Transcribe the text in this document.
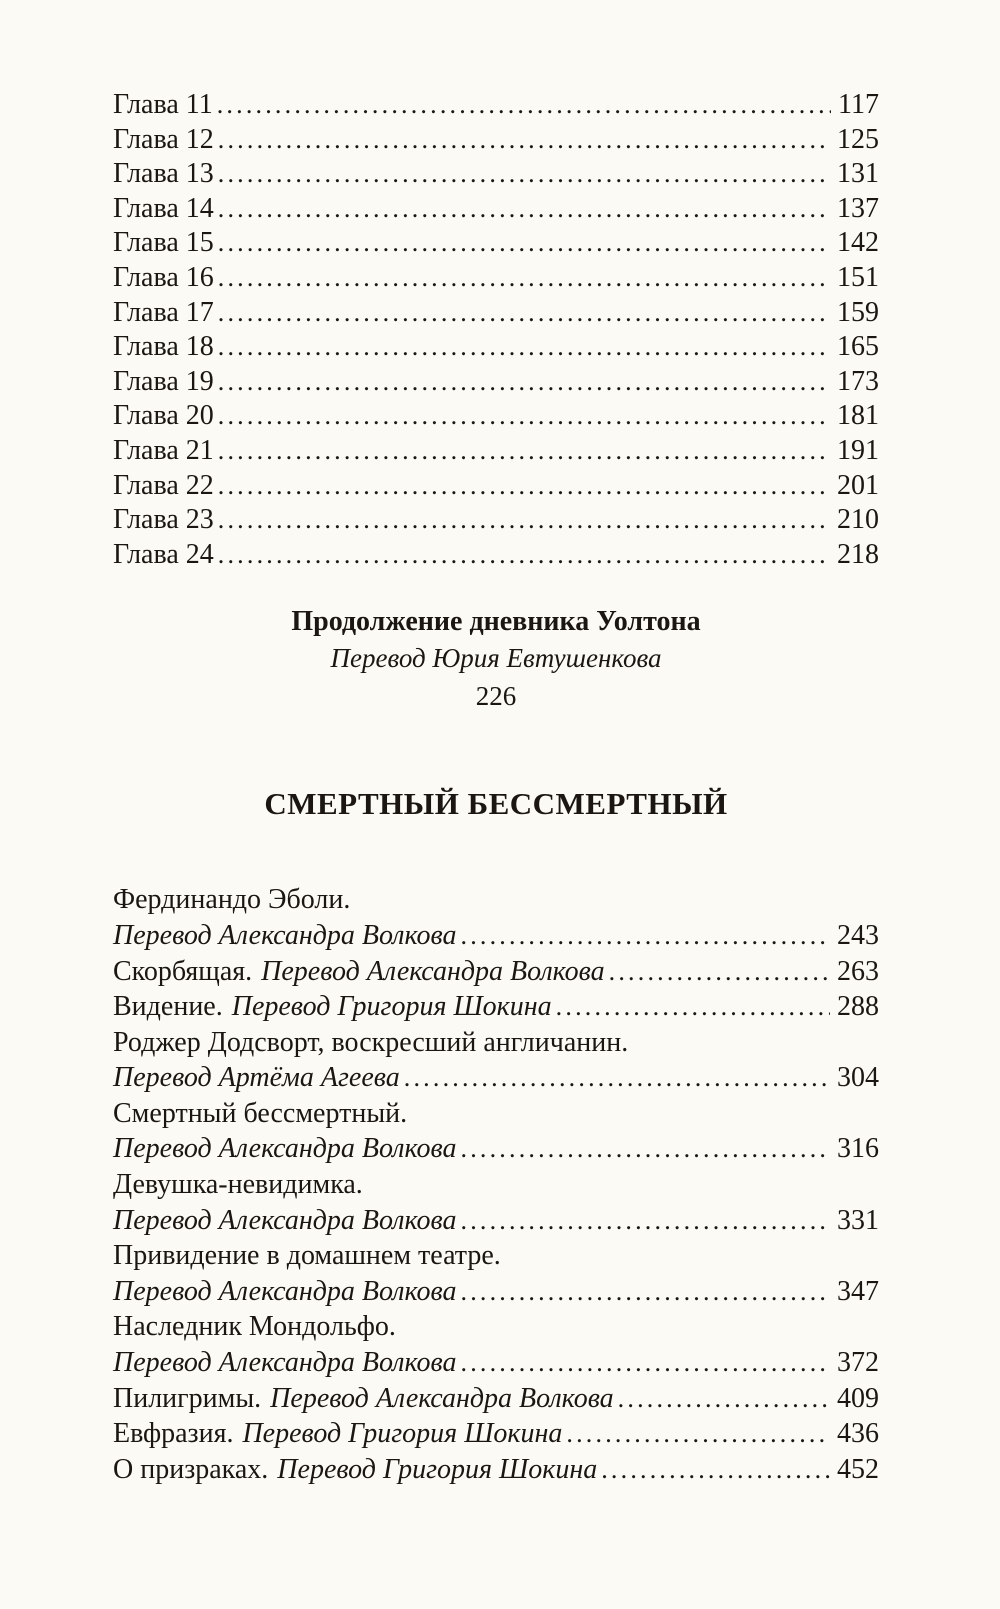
Глава 11 .....	117
Глава 12 .....	125
Глава 13 .....	131
Глава 14 .....	137
Глава 15 .....	142
Глава 16 .....	151
Глава 17 .....	159
Глава 18 .....	165
Глава 19 .....	173
Глава 20 .....	181
Глава 21 .....	191
Глава 22 .....	201
Глава 23 .....	210
Глава 24 .....	218
Продолжение дневника Уолтона
Перевод Юрия Евтушенкова
226
СМЕРТНЫЙ БЕССМЕРТНЫЙ
Фердинандо Эболи.
Перевод Александра Волкова .....	243
Скорбящая. Перевод Александра Волкова .....	263
Видение. Перевод Григория Шокина .....	288
Роджер Додсворт, воскресший англичанин.
Перевод Артёма Агеева .....	304
Смертный бессмертный.
Перевод Александра Волкова .....	316
Девушка-невидимка.
Перевод Александра Волкова .....	331
Привидение в домашнем театре.
Перевод Александра Волкова .....	347
Наследник Мондольфо.
Перевод Александра Волкова .....	372
Пилигримы. Перевод Александра Волкова .....	409
Евфразия. Перевод Григория Шокина .....	436
О призраках. Перевод Григория Шокина .....	452
